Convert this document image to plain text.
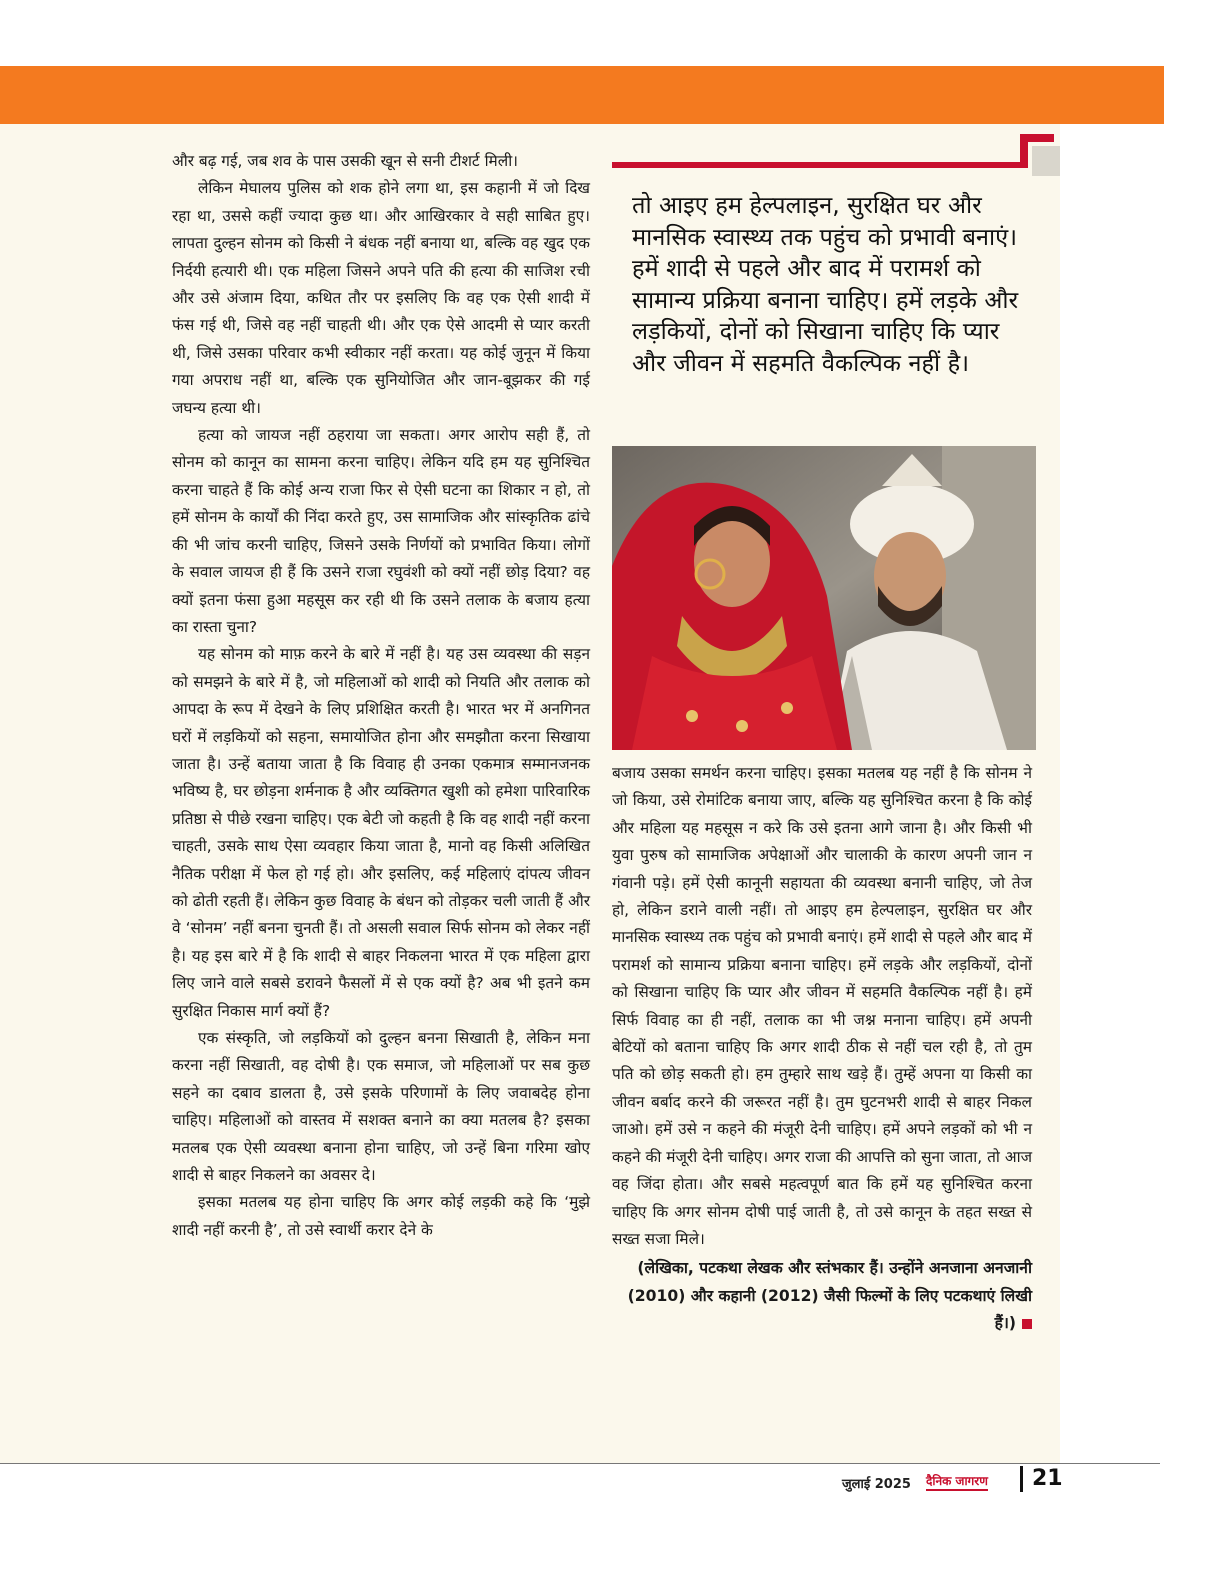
और बढ़ गई, जब शव के पास उसकी खून से सनी टीशर्ट मिली।

लेकिन मेघालय पुलिस को शक होने लगा था, इस कहानी में जो दिख रहा था, उससे कहीं ज्यादा कुछ था। और आखिरकार वे सही साबित हुए। लापता दुल्हन सोनम को किसी ने बंधक नहीं बनाया था, बल्कि वह खुद एक निर्दयी हत्यारी थी। एक महिला जिसने अपने पति की हत्या की साजिश रची और उसे अंजाम दिया, कथित तौर पर इसलिए कि वह एक ऐसी शादी में फंस गई थी, जिसे वह नहीं चाहती थी। और एक ऐसे आदमी से प्यार करती थी, जिसे उसका परिवार कभी स्वीकार नहीं करता। यह कोई जुनून में किया गया अपराध नहीं था, बल्कि एक सुनियोजित और जान-बूझकर की गई जघन्य हत्या थी।

हत्या को जायज नहीं ठहराया जा सकता। अगर आरोप सही हैं, तो सोनम को कानून का सामना करना चाहिए। लेकिन यदि हम यह सुनिश्चित करना चाहते हैं कि कोई अन्य राजा फिर से ऐसी घटना का शिकार न हो, तो हमें सोनम के कार्यों की निंदा करते हुए, उस सामाजिक और सांस्कृतिक ढांचे की भी जांच करनी चाहिए, जिसने उसके निर्णयों को प्रभावित किया। लोगों के सवाल जायज ही हैं कि उसने राजा रघुवंशी को क्यों नहीं छोड़ दिया? वह क्यों इतना फंसा हुआ महसूस कर रही थी कि उसने तलाक के बजाय हत्या का रास्ता चुना?

यह सोनम को माफ़ करने के बारे में नहीं है। यह उस व्यवस्था की सड़न को समझने के बारे में है, जो महिलाओं को शादी को नियति और तलाक को आपदा के रूप में देखने के लिए प्रशिक्षित करती है। भारत भर में अनगिनत घरों में लड़कियों को सहना, समायोजित होना और समझौता करना सिखाया जाता है। उन्हें बताया जाता है कि विवाह ही उनका एकमात्र सम्मानजनक भविष्य है, घर छोड़ना शर्मनाक है और व्यक्तिगत खुशी को हमेशा पारिवारिक प्रतिष्ठा से पीछे रखना चाहिए। एक बेटी जो कहती है कि वह शादी नहीं करना चाहती, उसके साथ ऐसा व्यवहार किया जाता है, मानो वह किसी अलिखित नैतिक परीक्षा में फेल हो गई हो। और इसलिए, कई महिलाएं दांपत्य जीवन को ढोती रहती हैं। लेकिन कुछ विवाह के बंधन को तोड़कर चली जाती हैं और वे ‘सोनम’ नहीं बनना चुनती हैं। तो असली सवाल सिर्फ सोनम को लेकर नहीं है। यह इस बारे में है कि शादी से बाहर निकलना भारत में एक महिला द्वारा लिए जाने वाले सबसे डरावने फैसलों में से एक क्यों है? अब भी इतने कम सुरक्षित निकास मार्ग क्यों हैं?

एक संस्कृति, जो लड़कियों को दुल्हन बनना सिखाती है, लेकिन मना करना नहीं सिखाती, वह दोषी है। एक समाज, जो महिलाओं पर सब कुछ सहने का दबाव डालता है, उसे इसके परिणामों के लिए जवाबदेह होना चाहिए। महिलाओं को वास्तव में सशक्त बनाने का क्या मतलब है? इसका मतलब एक ऐसी व्यवस्था बनाना होना चाहिए, जो उन्हें बिना गरिमा खोए शादी से बाहर निकलने का अवसर दे।

इसका मतलब यह होना चाहिए कि अगर कोई लड़की कहे कि ‘मुझे शादी नहीं करनी है’, तो उसे स्वार्थी करार देने के

तो आइए हम हेल्पलाइन, सुरक्षित घर और मानसिक स्वास्थ्य तक पहुंच को प्रभावी बनाएं। हमें शादी से पहले और बाद में परामर्श को सामान्य प्रक्रिया बनाना चाहिए। हमें लड़के और लड़कियों, दोनों को सिखाना चाहिए कि प्यार और जीवन में सहमति वैकल्पिक नहीं है।

बजाय उसका समर्थन करना चाहिए। इसका मतलब यह नहीं है कि सोनम ने जो किया, उसे रोमांटिक बनाया जाए, बल्कि यह सुनिश्चित करना है कि कोई और महिला यह महसूस न करे कि उसे इतना आगे जाना है। और किसी भी युवा पुरुष को सामाजिक अपेक्षाओं और चालाकी के कारण अपनी जान न गंवानी पड़े। हमें ऐसी कानूनी सहायता की व्यवस्था बनानी चाहिए, जो तेज हो, लेकिन डराने वाली नहीं। तो आइए हम हेल्पलाइन, सुरक्षित घर और मानसिक स्वास्थ्य तक पहुंच को प्रभावी बनाएं। हमें शादी से पहले और बाद में परामर्श को सामान्य प्रक्रिया बनाना चाहिए। हमें लड़के और लड़कियों, दोनों को सिखाना चाहिए कि प्यार और जीवन में सहमति वैकल्पिक नहीं है। हमें सिर्फ विवाह का ही नहीं, तलाक का भी जश्न मनाना चाहिए। हमें अपनी बेटियों को बताना चाहिए कि अगर शादी ठीक से नहीं चल रही है, तो तुम पति को छोड़ सकती हो। हम तुम्हारे साथ खड़े हैं। तुम्हें अपना या किसी का जीवन बर्बाद करने की जरूरत नहीं है। तुम घुटनभरी शादी से बाहर निकल जाओ। हमें उसे न कहने की मंजूरी देनी चाहिए। हमें अपने लड़कों को भी न कहने की मंजूरी देनी चाहिए। अगर राजा की आपत्ति को सुना जाता, तो आज वह जिंदा होता। और सबसे महत्वपूर्ण बात कि हमें यह सुनिश्चित करना चाहिए कि अगर सोनम दोषी पाई जाती है, तो उसे कानून के तहत सख्त से सख्त सजा मिले।

(लेखिका, पटकथा लेखक और स्तंभकार हैं। उन्होंने अनजाना अनजानी (2010) और कहानी (2012) जैसी फिल्मों के लिए पटकथाएं लिखी हैं।)

जुलाई 2025 दैनिक जागरण 21
